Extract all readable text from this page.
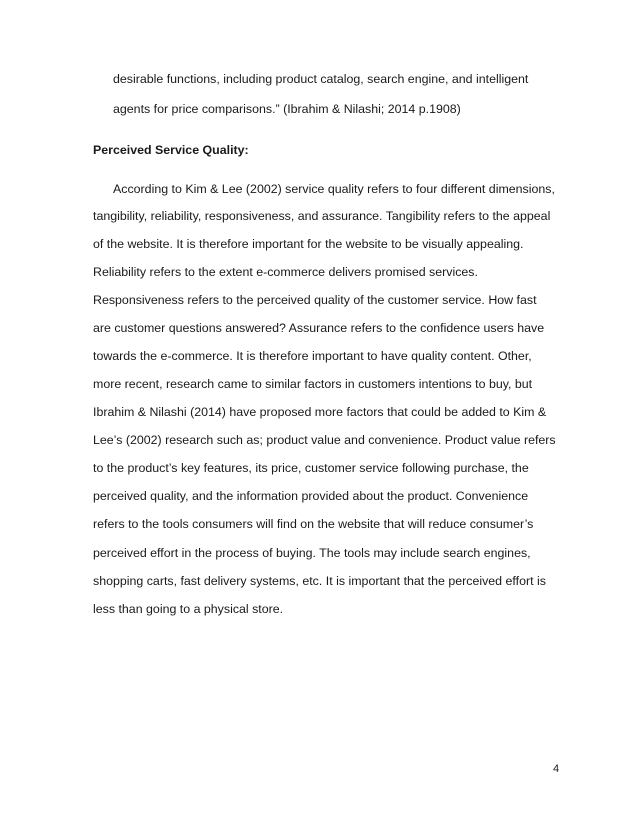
desirable functions, including product catalog, search engine, and intelligent
agents for price comparisons.” (Ibrahim & Nilashi; 2014 p.1908)
Perceived Service Quality:
According to Kim & Lee (2002) service quality refers to four different dimensions,
tangibility, reliability, responsiveness, and assurance. Tangibility refers to the appeal
of the website. It is therefore important for the website to be visually appealing.
Reliability refers to the extent e-commerce delivers promised services.
Responsiveness refers to the perceived quality of the customer service. How fast
are customer questions answered? Assurance refers to the confidence users have
towards the e-commerce. It is therefore important to have quality content. Other,
more recent, research came to similar factors in customers intentions to buy, but
Ibrahim & Nilashi (2014) have proposed more factors that could be added to Kim &
Lee’s (2002) research such as; product value and convenience. Product value refers
to the product’s key features, its price, customer service following purchase, the
perceived quality, and the information provided about the product. Convenience
refers to the tools consumers will find on the website that will reduce consumer’s
perceived effort in the process of buying. The tools may include search engines,
shopping carts, fast delivery systems, etc. It is important that the perceived effort is
less than going to a physical store.
4
